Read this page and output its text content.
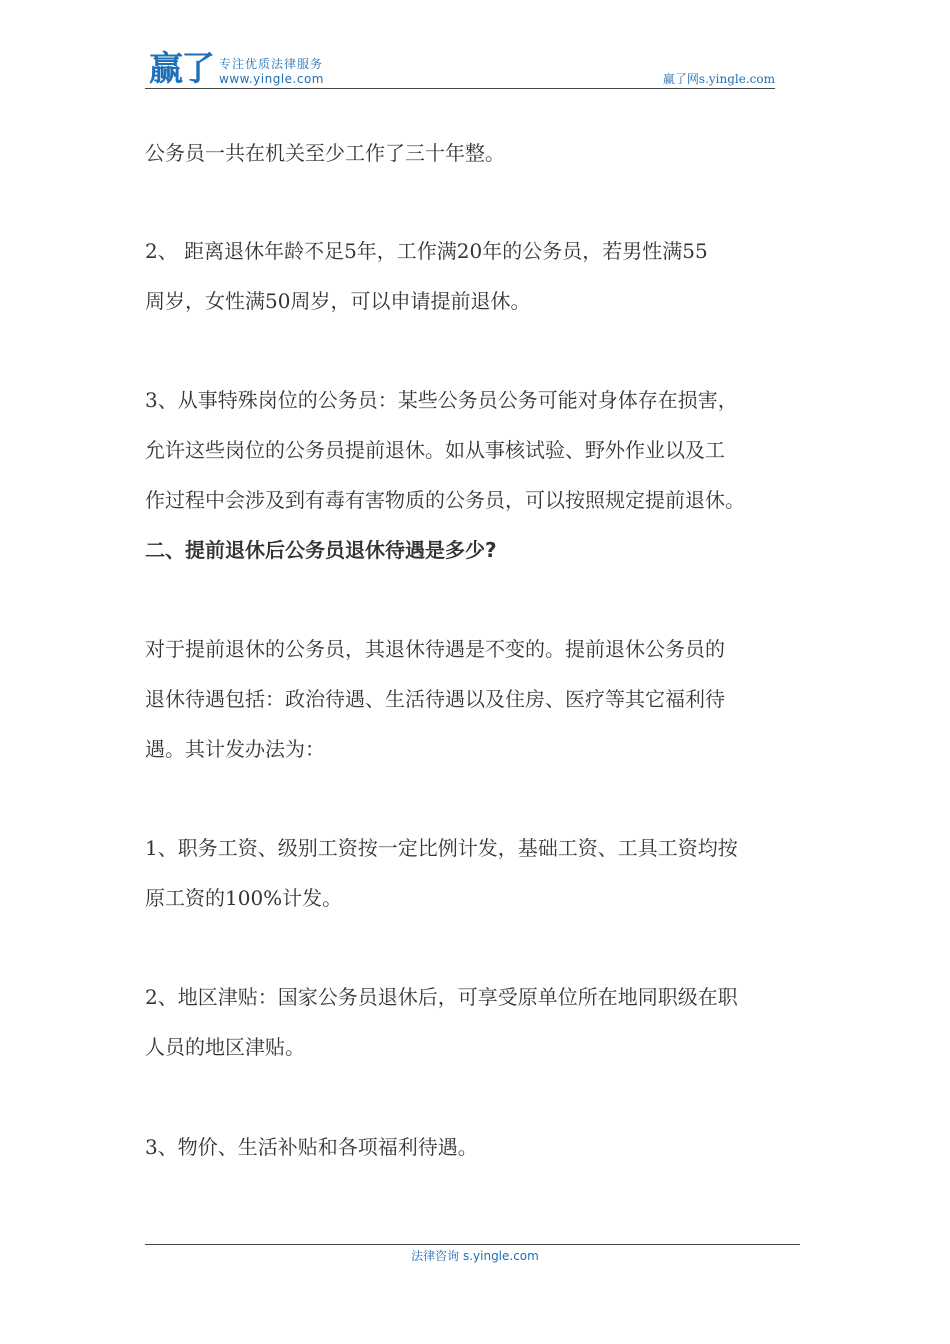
赢了 专注优质法律服务
www.yingle.com	赢了网s.yingle.com
公务员一共在机关至少工作了三十年整。
2、 距离退休年龄不足5年，工作满20年的公务员，若男性满55
周岁，女性满50周岁，可以申请提前退休。
3、从事特殊岗位的公务员：某些公务员公务可能对身体存在损害，
允许这些岗位的公务员提前退休。如从事核试验、野外作业以及工
作过程中会涉及到有毒有害物质的公务员，可以按照规定提前退休。
二、提前退休后公务员退休待遇是多少?
对于提前退休的公务员，其退休待遇是不变的。提前退休公务员的
退休待遇包括：政治待遇、生活待遇以及住房、医疗等其它福利待
遇。其计发办法为：
1、职务工资、级别工资按一定比例计发，基础工资、工具工资均按
原工资的100%计发。
2、地区津贴：国家公务员退休后，可享受原单位所在地同职级在职
人员的地区津贴。
3、物价、生活补贴和各项福利待遇。
法律咨询 s.yingle.com
